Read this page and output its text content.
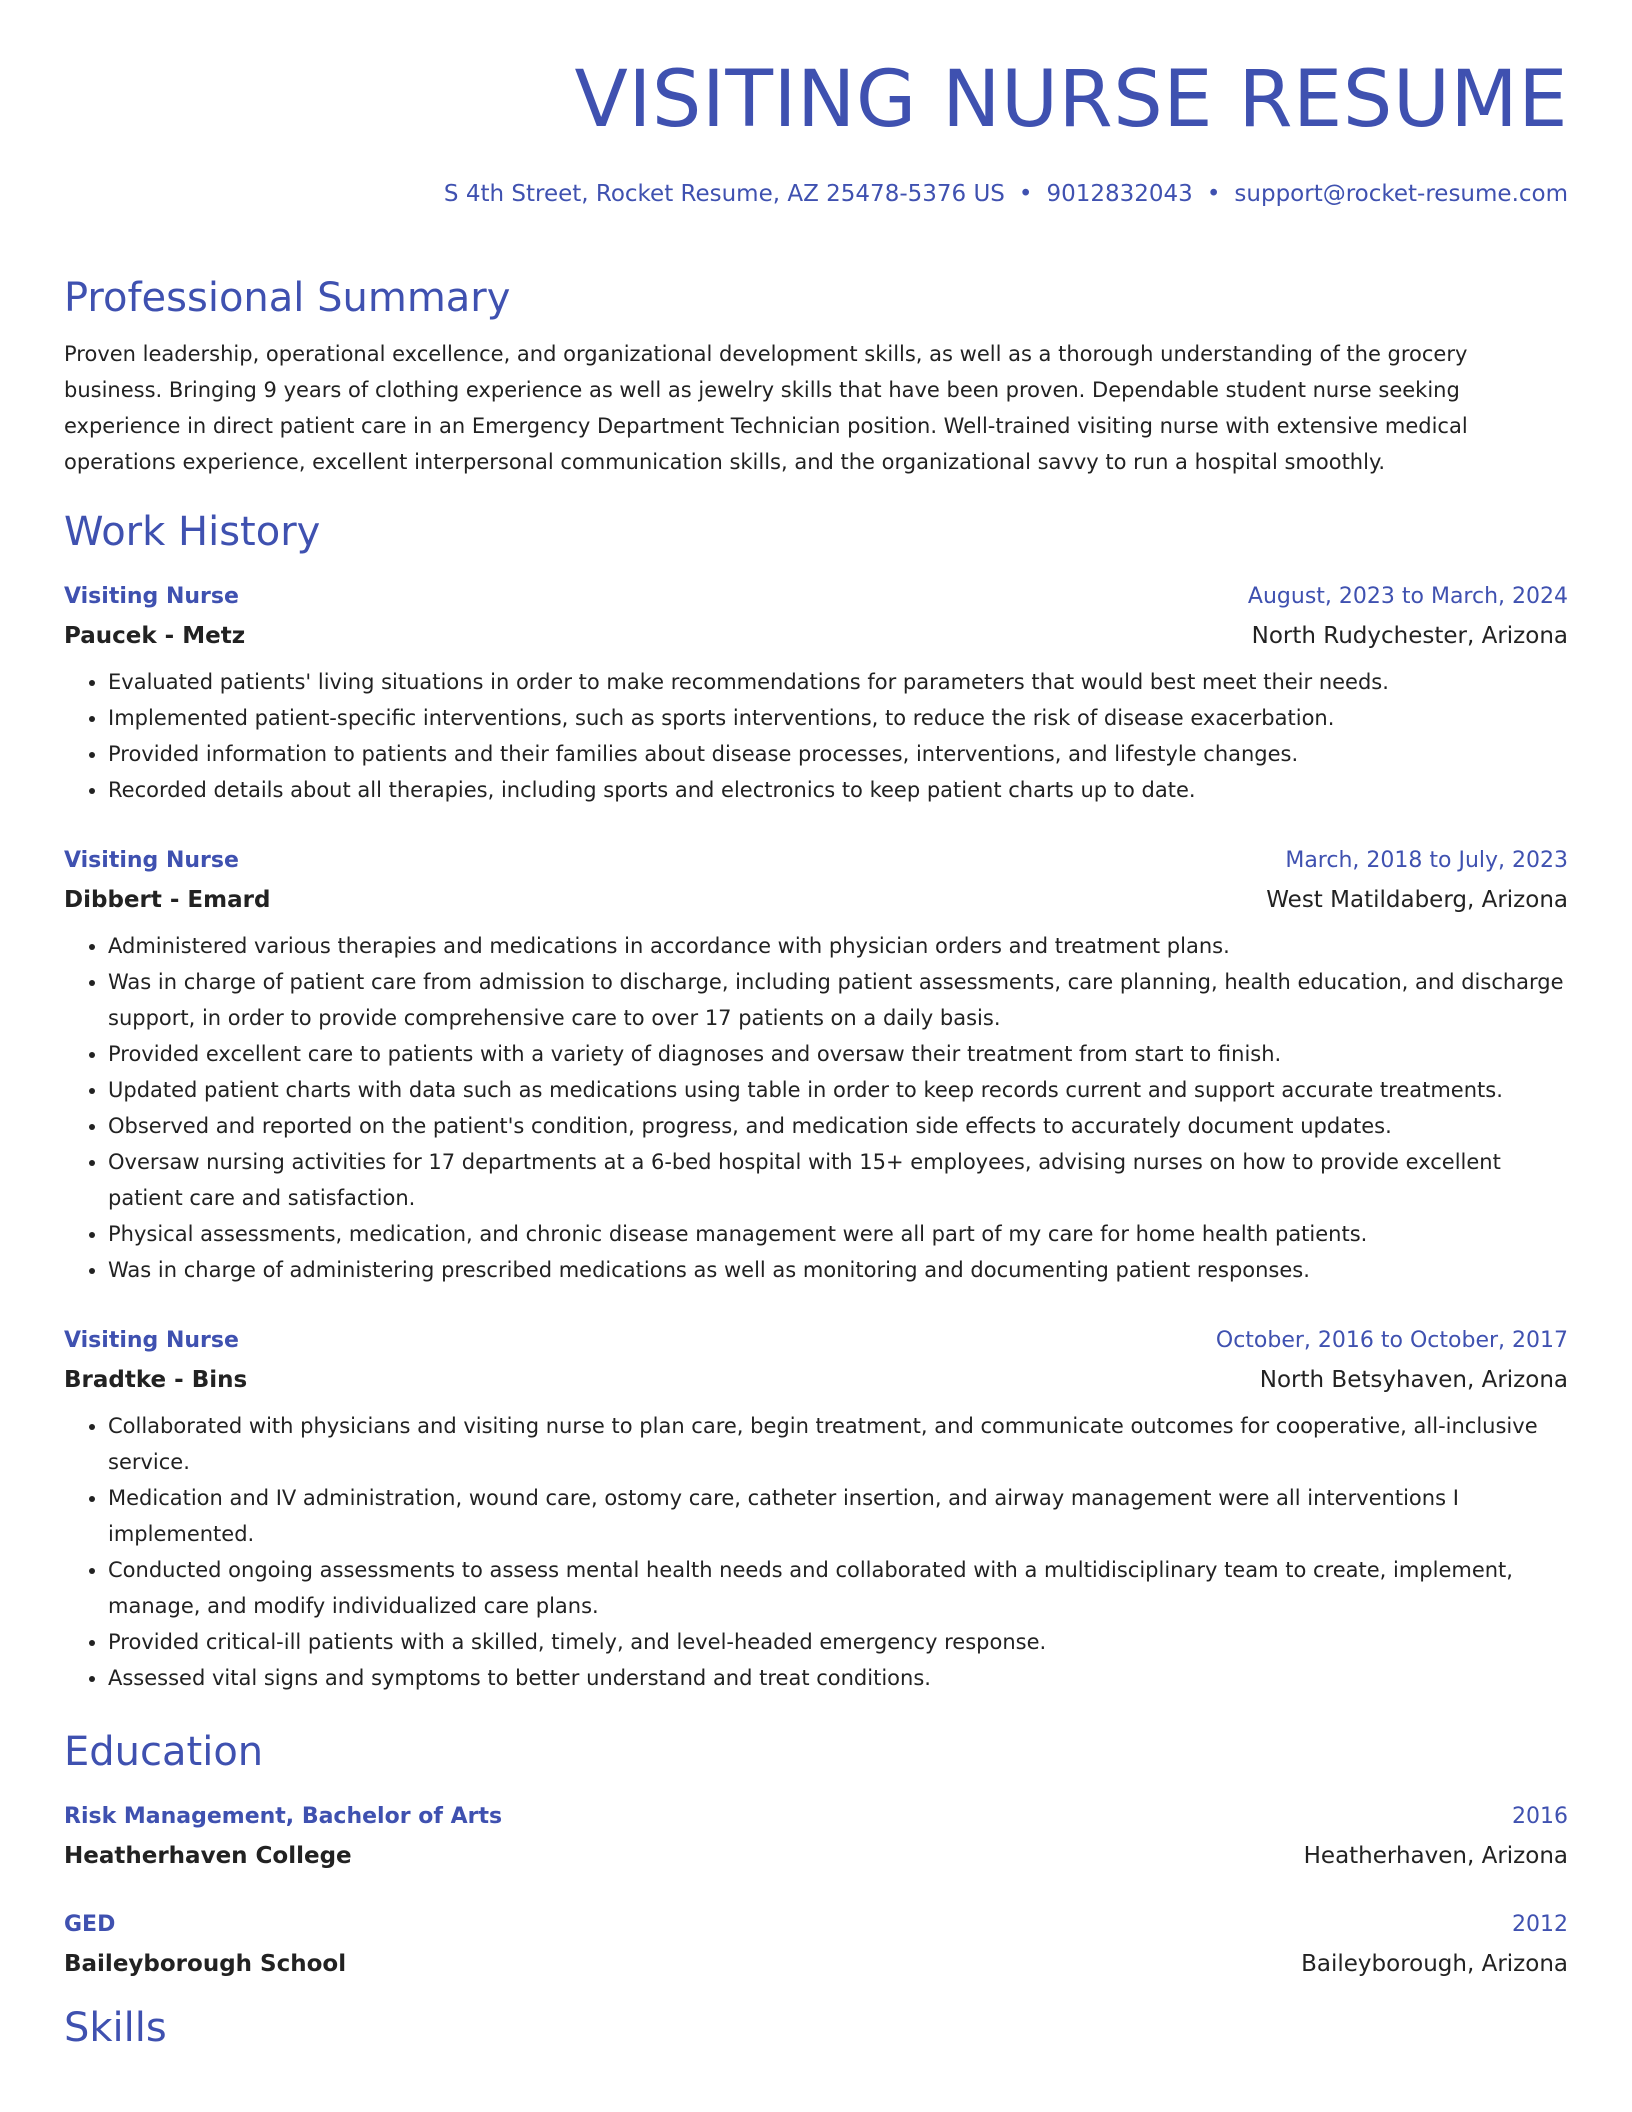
VISITING NURSE RESUME
S 4th Street, Rocket Resume, AZ 25478-5376 US • 9012832043 • support@rocket-resume.com
Professional Summary
Proven leadership, operational excellence, and organizational development skills, as well as a thorough understanding of the grocery business. Bringing 9 years of clothing experience as well as jewelry skills that have been proven. Dependable student nurse seeking experience in direct patient care in an Emergency Department Technician position. Well-trained visiting nurse with extensive medical operations experience, excellent interpersonal communication skills, and the organizational savvy to run a hospital smoothly.
Work History
Visiting Nurse	August, 2023 to March, 2024
Paucek - Metz	North Rudychester, Arizona
• Evaluated patients' living situations in order to make recommendations for parameters that would best meet their needs.
• Implemented patient-specific interventions, such as sports interventions, to reduce the risk of disease exacerbation.
• Provided information to patients and their families about disease processes, interventions, and lifestyle changes.
• Recorded details about all therapies, including sports and electronics to keep patient charts up to date.
Visiting Nurse	March, 2018 to July, 2023
Dibbert - Emard	West Matildaberg, Arizona
• Administered various therapies and medications in accordance with physician orders and treatment plans.
• Was in charge of patient care from admission to discharge, including patient assessments, care planning, health education, and discharge support, in order to provide comprehensive care to over 17 patients on a daily basis.
• Provided excellent care to patients with a variety of diagnoses and oversaw their treatment from start to finish.
• Updated patient charts with data such as medications using table in order to keep records current and support accurate treatments.
• Observed and reported on the patient's condition, progress, and medication side effects to accurately document updates.
• Oversaw nursing activities for 17 departments at a 6-bed hospital with 15+ employees, advising nurses on how to provide excellent patient care and satisfaction.
• Physical assessments, medication, and chronic disease management were all part of my care for home health patients.
• Was in charge of administering prescribed medications as well as monitoring and documenting patient responses.
Visiting Nurse	October, 2016 to October, 2017
Bradtke - Bins	North Betsyhaven, Arizona
• Collaborated with physicians and visiting nurse to plan care, begin treatment, and communicate outcomes for cooperative, all-inclusive service.
• Medication and IV administration, wound care, ostomy care, catheter insertion, and airway management were all interventions I implemented.
• Conducted ongoing assessments to assess mental health needs and collaborated with a multidisciplinary team to create, implement, manage, and modify individualized care plans.
• Provided critical-ill patients with a skilled, timely, and level-headed emergency response.
• Assessed vital signs and symptoms to better understand and treat conditions.
Education
Risk Management, Bachelor of Arts	2016
Heatherhaven College	Heatherhaven, Arizona
GED	2012
Baileyborough School	Baileyborough, Arizona
Skills
